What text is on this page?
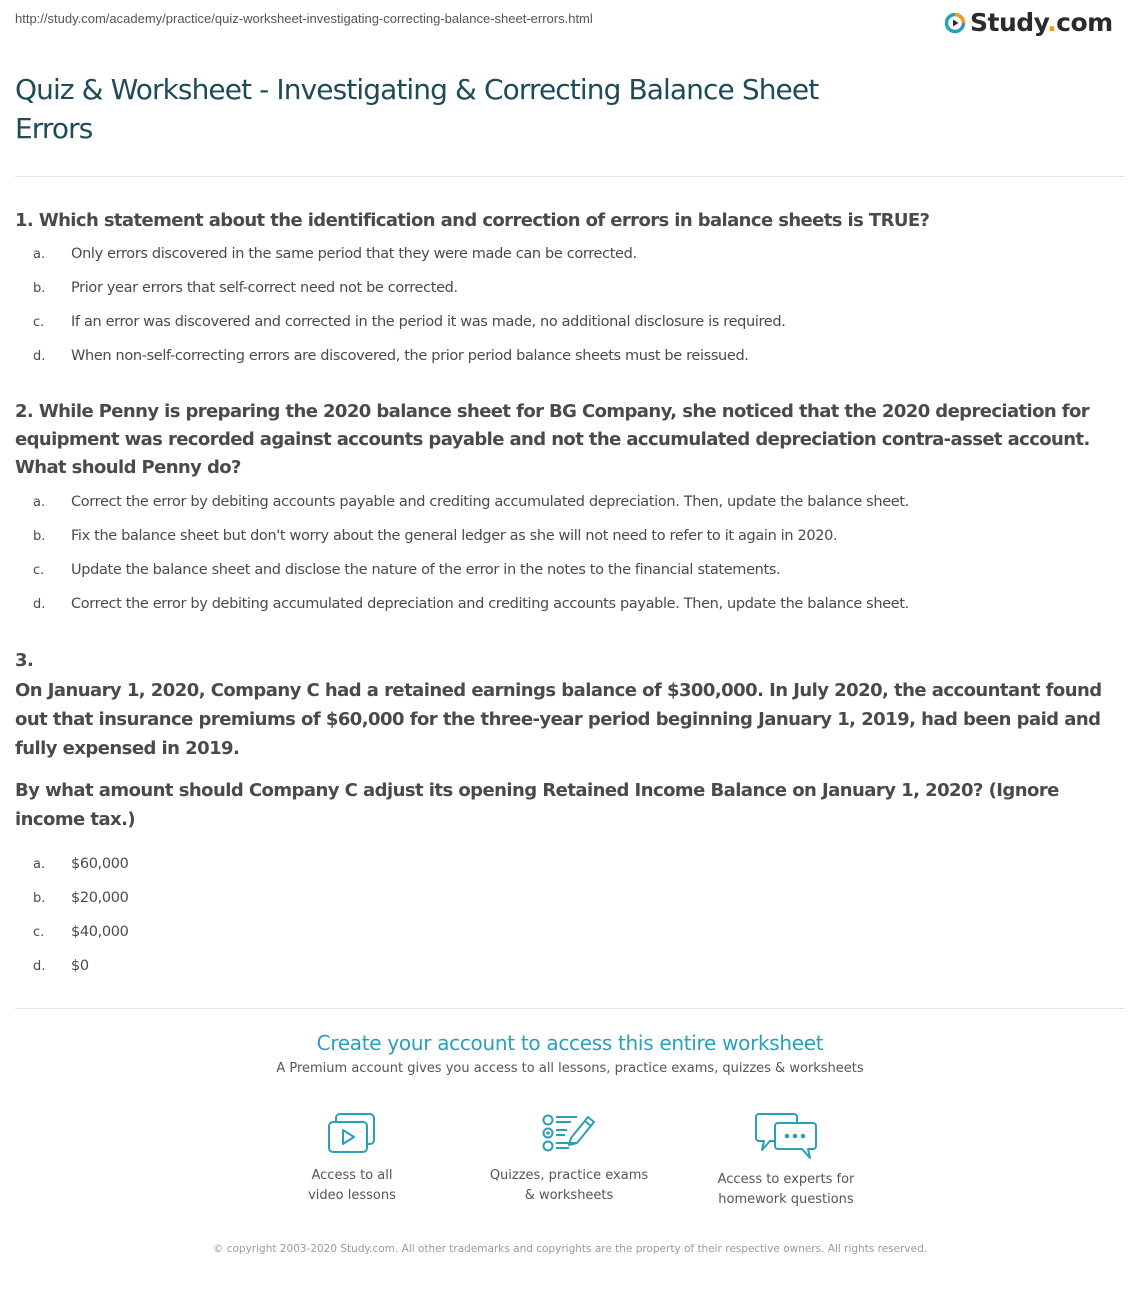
http://study.com/academy/practice/quiz-worksheet-investigating-correcting-balance-sheet-errors.html	Study.com
Quiz & Worksheet - Investigating & Correcting Balance Sheet Errors
1. Which statement about the identification and correction of errors in balance sheets is TRUE?
a.	Only errors discovered in the same period that they were made can be corrected.
b.	Prior year errors that self-correct need not be corrected.
c.	If an error was discovered and corrected in the period it was made, no additional disclosure is required.
d.	When non-self-correcting errors are discovered, the prior period balance sheets must be reissued.
2. While Penny is preparing the 2020 balance sheet for BG Company, she noticed that the 2020 depreciation for equipment was recorded against accounts payable and not the accumulated depreciation contra-asset account. What should Penny do?
a.	Correct the error by debiting accounts payable and crediting accumulated depreciation. Then, update the balance sheet.
b.	Fix the balance sheet but don't worry about the general ledger as she will not need to refer to it again in 2020.
c.	Update the balance sheet and disclose the nature of the error in the notes to the financial statements.
d.	Correct the error by debiting accumulated depreciation and crediting accounts payable. Then, update the balance sheet.
3.
On January 1, 2020, Company C had a retained earnings balance of $300,000. In July 2020, the accountant found out that insurance premiums of $60,000 for the three-year period beginning January 1, 2019, had been paid and fully expensed in 2019.
By what amount should Company C adjust its opening Retained Income Balance on January 1, 2020? (Ignore income tax.)
a.	$60,000
b.	$20,000
c.	$40,000
d.	$0
Create your account to access this entire worksheet
A Premium account gives you access to all lessons, practice exams, quizzes & worksheets
Access to all
video lessons
Quizzes, practice exams
& worksheets
Access to experts for
homework questions
© copyright 2003-2020 Study.com. All other trademarks and copyrights are the property of their respective owners. All rights reserved.
